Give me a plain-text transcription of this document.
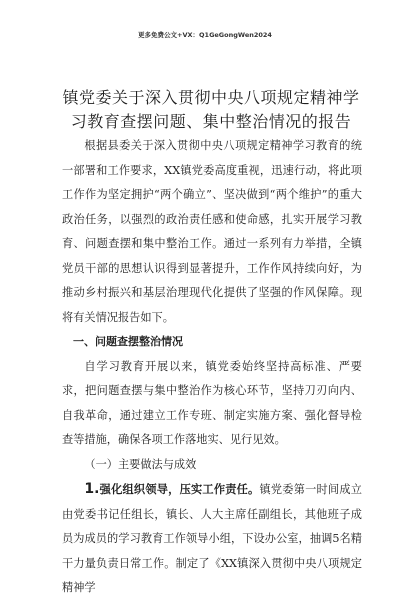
更多免费公文+VX：Q1GeGongWen2024
镇党委关于深入贯彻中央八项规定精神学习教育查摆问题、集中整治情况的报告

根据县委关于深入贯彻中央八项规定精神学习教育的统一部署和工作要求，XX镇党委高度重视，迅速行动，将此项工作作为坚定拥护“两个确立”、坚决做到“两个维护”的重大政治任务，以强烈的政治责任感和使命感，扎实开展学习教育、问题查摆和集中整治工作。通过一系列有力举措，全镇党员干部的思想认识得到显著提升，工作作风持续向好，为推动乡村振兴和基层治理现代化提供了坚强的作风保障。现将有关情况报告如下。

一、问题查摆整治情况

自学习教育开展以来，镇党委始终坚持高标准、严要求，把问题查摆与集中整治作为核心环节，坚持刀刃向内、自我革命，通过建立工作专班、制定实施方案、强化督导检查等措施，确保各项工作落地实、见行见效。

（一）主要做法与成效

1.强化组织领导，压实工作责任。镇党委第一时间成立由党委书记任组长，镇长、人大主席任副组长，其他班子成员为成员的学习教育工作领导小组，下设办公室，抽调5名精干力量负责日常工作。制定了《XX镇深入贯彻中央八项规定精神学
